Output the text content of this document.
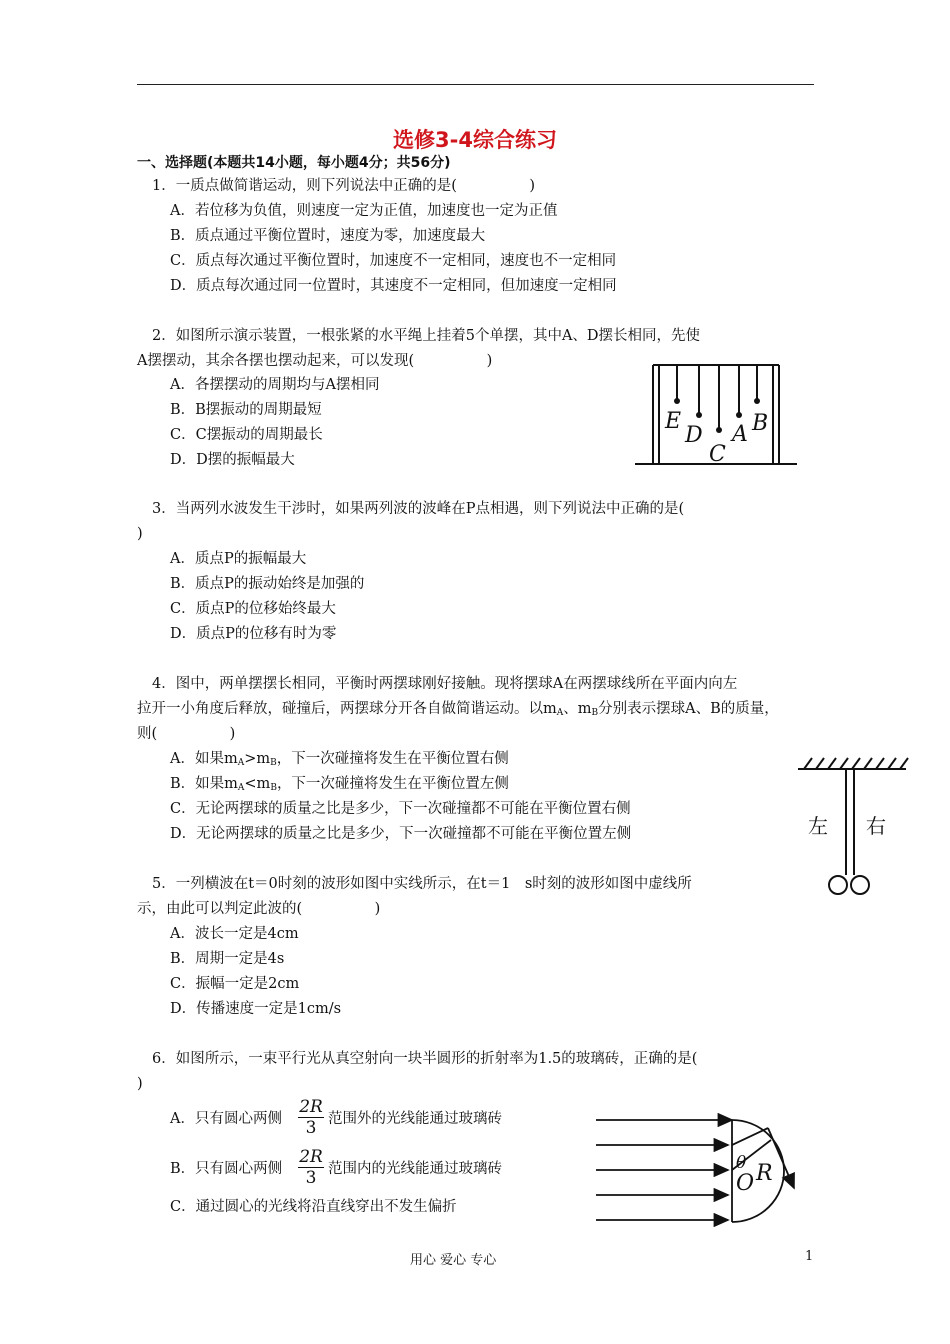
选修3-4综合练习
一、选择题(本题共14小题，每小题4分；共56分)
1．一质点做简谐运动，则下列说法中正确的是(　　　　　)
A．若位移为负值，则速度一定为正值，加速度也一定为正值
B．质点通过平衡位置时，速度为零，加速度最大
C．质点每次通过平衡位置时，加速度不一定相同，速度也不一定相同
D．质点每次通过同一位置时，其速度不一定相同，但加速度一定相同
2．如图所示演示装置，一根张紧的水平绳上挂着5个单摆，其中A、D摆长相同，先使
A摆摆动，其余各摆也摆动起来，可以发现(　　　　　)
A．各摆摆动的周期均与A摆相同
B．B摆振动的周期最短
C．C摆振动的周期最长
D．D摆的振幅最大
E
D
C
A B
3．当两列水波发生干涉时，如果两列波的波峰在P点相遇，则下列说法中正确的是(
)
A．质点P的振幅最大
B．质点P的振动始终是加强的
C．质点P的位移始终最大
D．质点P的位移有时为零
4．图中，两单摆摆长相同，平衡时两摆球刚好接触。现将摆球A在两摆球线所在平面内向左
拉开一小角度后释放，碰撞后，两摆球分开各自做简谐运动。以$m_A$、$m_B$分别表示摆球A、B的质量，
则(　　　　　)
A．如果$m_A>m_B$，下一次碰撞将发生在平衡位置右侧
B．如果$m_A<m_B$，下一次碰撞将发生在平衡位置左侧
C．无论两摆球的质量之比是多少，下一次碰撞都不可能在平衡位置右侧
D．无论两摆球的质量之比是多少，下一次碰撞都不可能在平衡位置左侧	左 右
5．一列横波在t＝0时刻的波形如图中实线所示，在t＝1　s时刻的波形如图中虚线所
示，由此可以判定此波的(　　　　　)
A．波长一定是4cm
B．周期一定是4s
C．振幅一定是2cm
D．传播速度一定是1cm/s
6．如图所示，一束平行光从真空射向一块半圆形的折射率为1.5的玻璃砖，正确的是(
)
A．只有圆心两侧 $\frac{2R}{3}$ 范围外的光线能通过玻璃砖
B．只有圆心两侧 $\frac{2R}{3}$ 范围内的光线能通过玻璃砖
C．通过圆心的光线将沿直线穿出不发生偏折
θ
O R
用心 爱心 专心	1
